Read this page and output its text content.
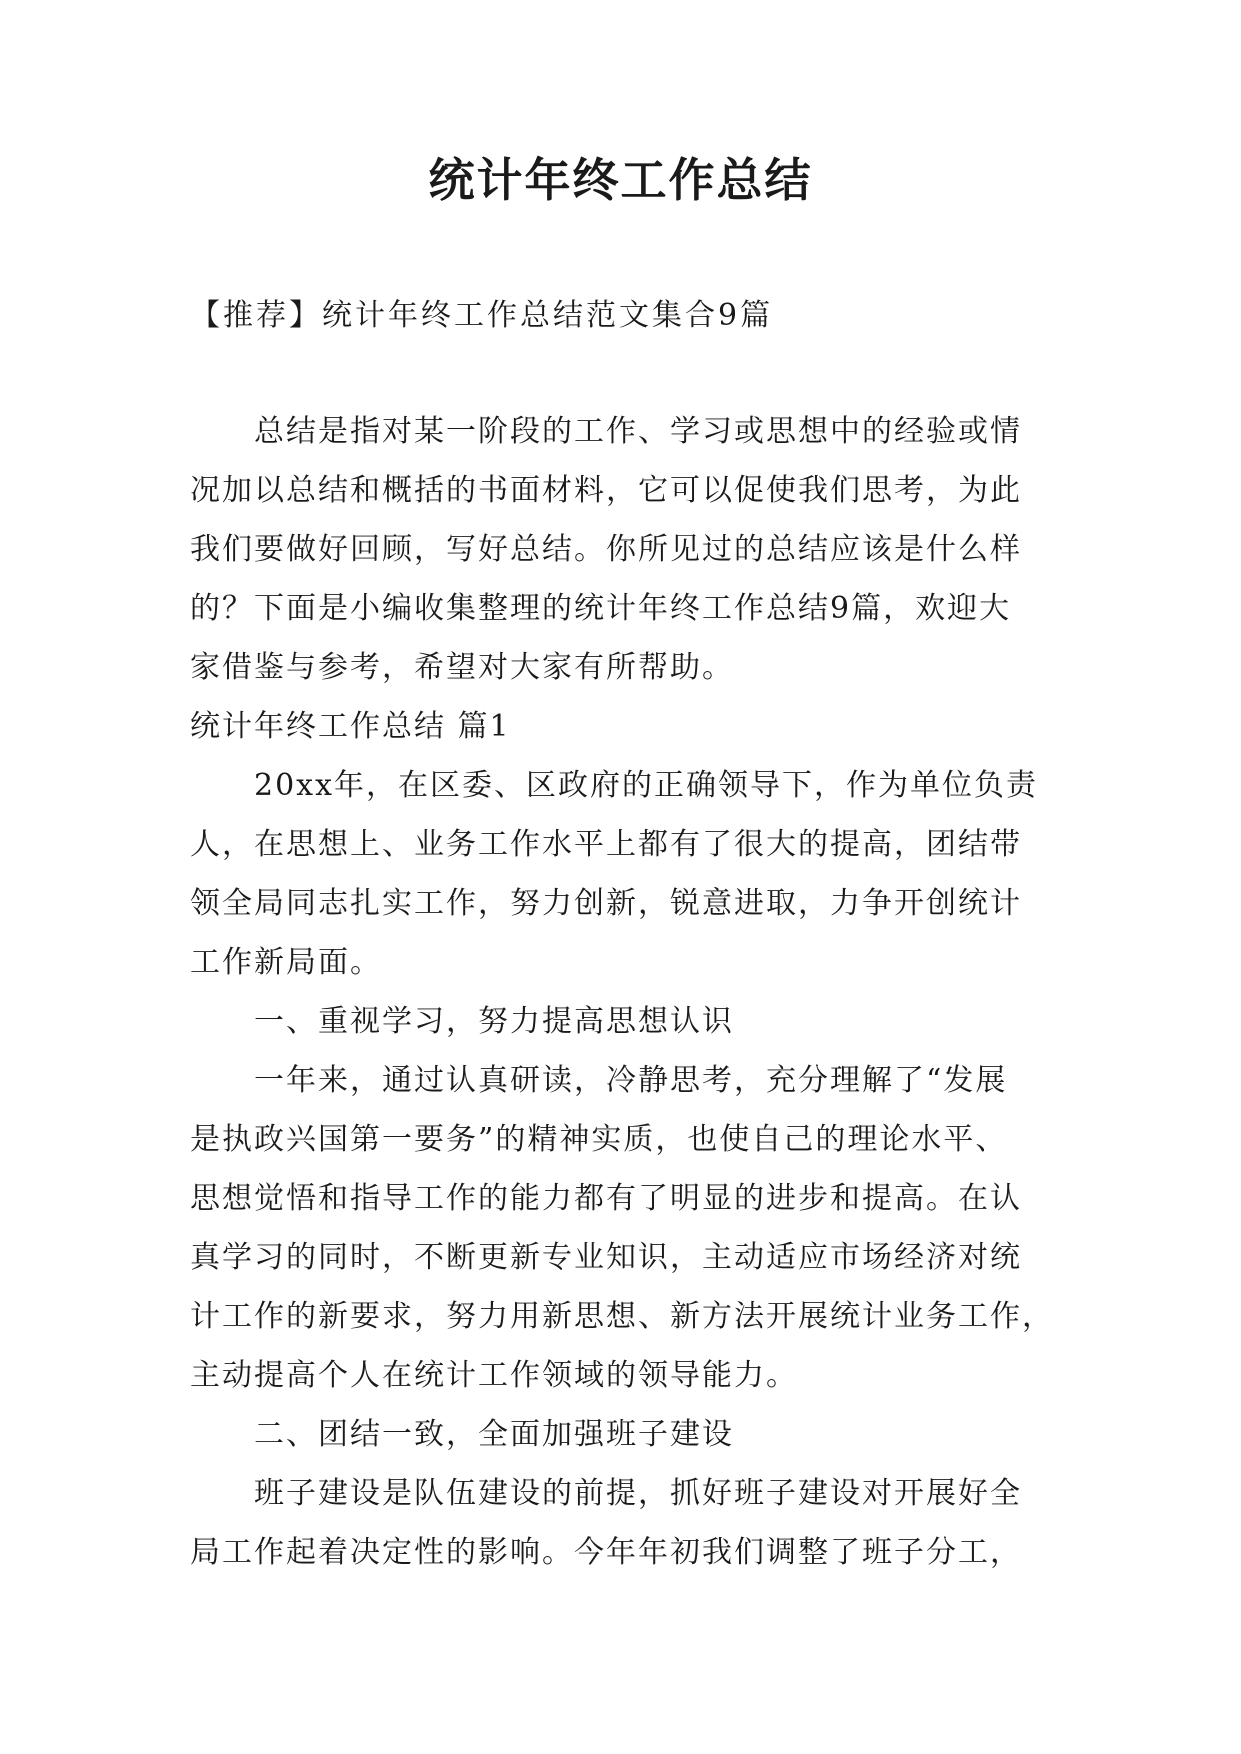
统计年终工作总结

【推荐】统计年终工作总结范文集合9篇

总结是指对某一阶段的工作、学习或思想中的经验或情
况加以总结和概括的书面材料，它可以促使我们思考，为此
我们要做好回顾，写好总结。你所见过的总结应该是什么样
的？下面是小编收集整理的统计年终工作总结9篇，欢迎大
家借鉴与参考，希望对大家有所帮助。

统计年终工作总结 篇1

20xx年，在区委、区政府的正确领导下，作为单位负责
人，在思想上、业务工作水平上都有了很大的提高，团结带
领全局同志扎实工作，努力创新，锐意进取，力争开创统计
工作新局面。

一、重视学习，努力提高思想认识

一年来，通过认真研读，冷静思考，充分理解了“发展
是执政兴国第一要务”的精神实质，也使自己的理论水平、
思想觉悟和指导工作的能力都有了明显的进步和提高。在认
真学习的同时，不断更新专业知识，主动适应市场经济对统
计工作的新要求，努力用新思想、新方法开展统计业务工作，
主动提高个人在统计工作领域的领导能力。

二、团结一致，全面加强班子建设

班子建设是队伍建设的前提，抓好班子建设对开展好全
局工作起着决定性的影响。今年年初我们调整了班子分工，
